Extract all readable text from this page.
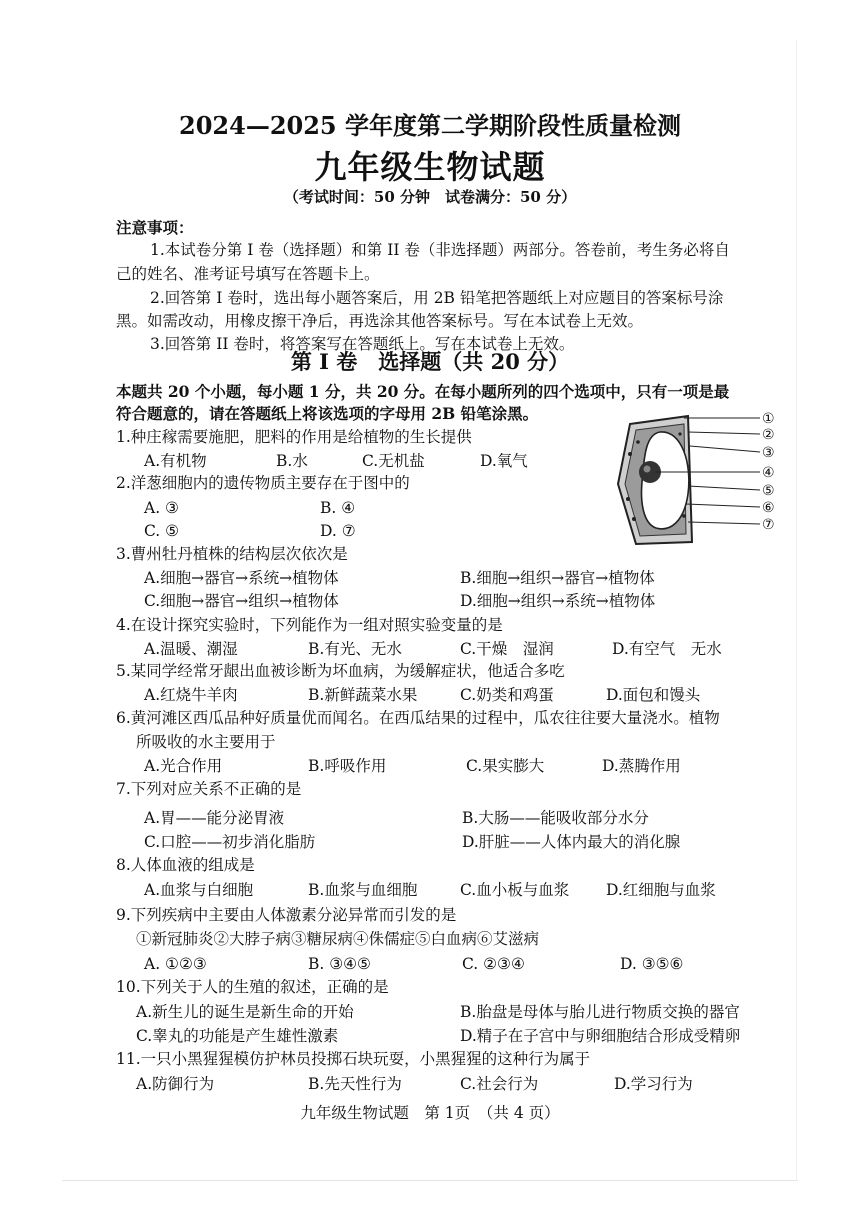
2024—2025 学年度第二学期阶段性质量检测
九年级生物试题
（考试时间：50 分钟　试卷满分：50 分）
注意事项：
1.本试卷分第 I 卷（选择题）和第 II 卷（非选择题）两部分。答卷前，考生务必将自
己的姓名、准考证号填写在答题卡上。
2.回答第 I 卷时，选出每小题答案后，用 2B 铅笔把答题纸上对应题目的答案标号涂
黑。如需改动，用橡皮擦干净后，再选涂其他答案标号。写在本试卷上无效。
3.回答第 II 卷时，将答案写在答题纸上。写在本试卷上无效。
第 I 卷　选择题（共 20 分）
本题共 20 个小题，每小题 1 分，共 20 分。在每小题所列的四个选项中，只有一项是最
符合题意的，请在答题纸上将该选项的字母用 2B 铅笔涂黑。	①
②
③
④
⑤
⑥
⑦
1.种庄稼需要施肥，肥料的作用是给植物的生长提供
A.有机物	B.水	C.无机盐	D.氧气
2.洋葱细胞内的遗传物质主要存在于图中的
A. ③	B. ④
C. ⑤	D. ⑦
3.曹州牡丹植株的结构层次依次是
A.细胞→器官→系统→植物体	B.细胞→组织→器官→植物体
C.细胞→器官→组织→植物体	D.细胞→组织→系统→植物体
4.在设计探究实验时，下列能作为一组对照实验变量的是
A.温暖、潮湿	B.有光、无水	C.干燥　湿润	D.有空气　无水
5.某同学经常牙龈出血被诊断为坏血病，为缓解症状，他适合多吃
A.红烧牛羊肉	B.新鲜蔬菜水果	C.奶类和鸡蛋	D.面包和馒头
6.黄河滩区西瓜品种好质量优而闻名。在西瓜结果的过程中，瓜农往往要大量浇水。植物
所吸收的水主要用于
A.光合作用	B.呼吸作用	C.果实膨大	D.蒸腾作用
7.下列对应关系不正确的是
A.胃——能分泌胃液	B.大肠——能吸收部分水分
C.口腔——初步消化脂肪	D.肝脏——人体内最大的消化腺
8.人体血液的组成是
A.血浆与白细胞	B.血浆与血细胞	C.血小板与血浆 D.红细胞与血浆
9.下列疾病中主要由人体激素分泌异常而引发的是
①新冠肺炎②大脖子病③糖尿病④侏儒症⑤白血病⑥艾滋病
A. ①②③	B. ③④⑤	C. ②③④	D. ③⑤⑥
10.下列关于人的生殖的叙述，正确的是
A.新生儿的诞生是新生命的开始	B.胎盘是母体与胎儿进行物质交换的器官
C.睾丸的功能是产生雄性激素	D.精子在子宫中与卵细胞结合形成受精卵
11.一只小黑猩猩模仿护林员投掷石块玩耍，小黑猩猩的这种行为属于
A.防御行为	B.先天性行为	C.社会行为	D.学习行为
九年级生物试题　第 1页　（共 4 页）
